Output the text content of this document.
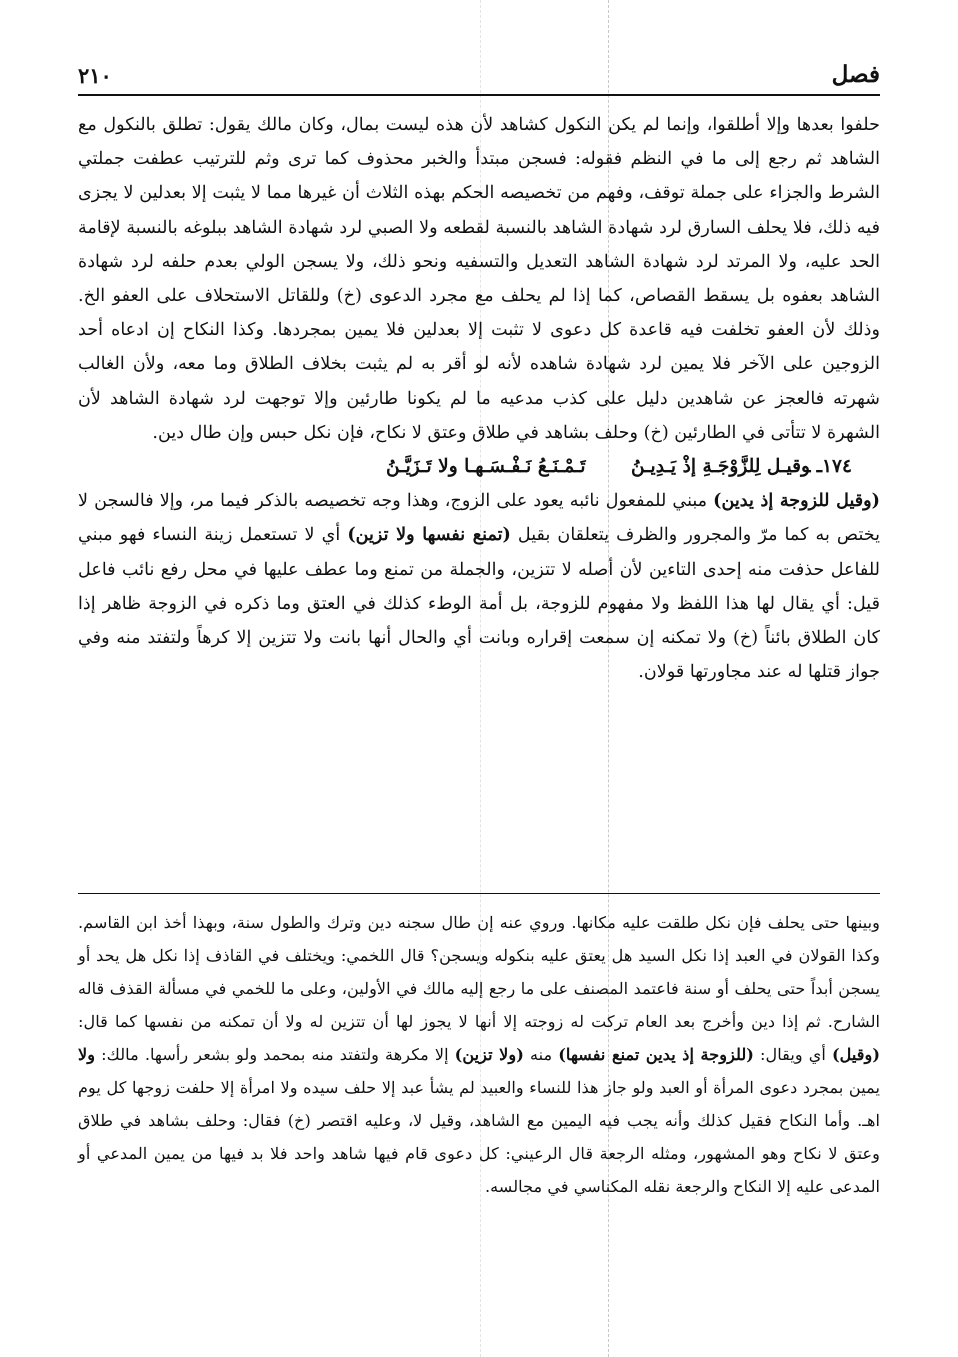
٢١٠	فصل

حلفوا بعدها وإلا أطلقوا، وإنما لم يكن النكول كشاهد لأن هذه ليست بمال، وكان مالك يقول: تطلق بالنكول مع الشاهد ثم رجع إلى ما في النظم فقوله: فسجن مبتدأ والخبر محذوف كما ترى وثم للترتيب عطفت جملتي الشرط والجزاء على جملة توقف، وفهم من تخصيصه الحكم بهذه الثلاث أن غيرها مما لا يثبت إلا بعدلين لا يجزى فيه ذلك، فلا يحلف السارق لرد شهادة الشاهد بالنسبة لقطعه ولا الصبي لرد شهادة الشاهد ببلوغه بالنسبة لإقامة الحد عليه، ولا المرتد لرد شهادة الشاهد التعديل والتسفيه ونحو ذلك، ولا يسجن الولي بعدم حلفه لرد شهادة الشاهد بعفوه بل يسقط القصاص، كما إذا لم يحلف مع مجرد الدعوى (خ) وللقاتل الاستحلاف على العفو الخ. وذلك لأن العفو تخلفت فيه قاعدة كل دعوى لا تثبت إلا بعدلين فلا يمين بمجردها. وكذا النكاح إن ادعاه أحد الزوجين على الآخر فلا يمين لرد شهادة شاهده لأنه لو أقر به لم يثبت بخلاف الطلاق وما معه، ولأن الغالب شهرته فالعجز عن شاهدين دليل على كذب مدعيه ما لم يكونا طارئين وإلا توجهت لرد شهادة الشاهد لأن الشهرة لا تتأتى في الطارئين (خ) وحلف بشاهد في طلاق وعتق لا نكاح، فإن نكل حبس وإن طال دين.

١٧٤ـوقيـل لِلزَّوْجَـةِ إذْ يَـدِيـنُ       تَـمْـنَـعُ نَـفْـسَـهـا ولا تَـزَيَّـنُ

(وقيل للزوجة إذ يدين) مبني للمفعول نائبه يعود على الزوج، وهذا وجه تخصيصه بالذكر فيما مر، وإلا فالسجن لا يختص به كما مرّ والمجرور والظرف يتعلقان بقيل (تمنع نفسها ولا تزين) أي لا تستعمل زينة النساء فهو مبني للفاعل حذفت منه إحدى التاءين لأن أصله لا تتزين، والجملة من تمنع وما عطف عليها في محل رفع نائب فاعل قيل: أي يقال لها هذا اللفظ ولا مفهوم للزوجة، بل أمة الوطء كذلك في العتق وما ذكره في الزوجة ظاهر إذا كان الطلاق بائناً (خ) ولا تمكنه إن سمعت إقراره وبانت أي والحال أنها بانت ولا تتزين إلا كرهاً ولتفتد منه وفي جواز قتلها له عند مجاورتها قولان.

وبينها حتى يحلف فإن نكل طلقت عليه مكانها. وروي عنه إن طال سجنه دين وترك والطول سنة، وبهذا أخذ ابن القاسم. وكذا القولان في العبد إذا نكل السيد هل يعتق عليه بنكوله ويسجن؟ قال اللخمي: ويختلف في القاذف إذا نكل هل يحد أو يسجن أبداً حتى يحلف أو سنة فاعتمد المصنف على ما رجع إليه مالك في الأولين، وعلى ما للخمي في مسألة القذف قاله الشارح. ثم إذا دين وأخرج بعد العام تركت له زوجته إلا أنها لا يجوز لها أن تتزين له ولا أن تمكنه من نفسها كما قال: (وقيل) أي ويقال: (للزوجة إذ يدين تمنع نفسها) منه (ولا تزين) إلا مكرهة ولتفتد منه بمحمد ولو بشعر رأسها. مالك: ولا يمين بمجرد دعوى المرأة أو العبد ولو جاز هذا للنساء والعبيد لم يشأ عبد إلا حلف سيده ولا امرأة إلا حلفت زوجها كل يوم اهـ. وأما النكاح فقيل كذلك وأنه يجب فيه اليمين مع الشاهد، وقيل لا، وعليه اقتصر (خ) فقال: وحلف بشاهد في طلاق وعتق لا نكاح وهو المشهور، ومثله الرجعة قال الرعيني: كل دعوى قام فيها شاهد واحد فلا بد فيها من يمين المدعي أو المدعى عليه إلا النكاح والرجعة نقله المكناسي في مجالسه.
